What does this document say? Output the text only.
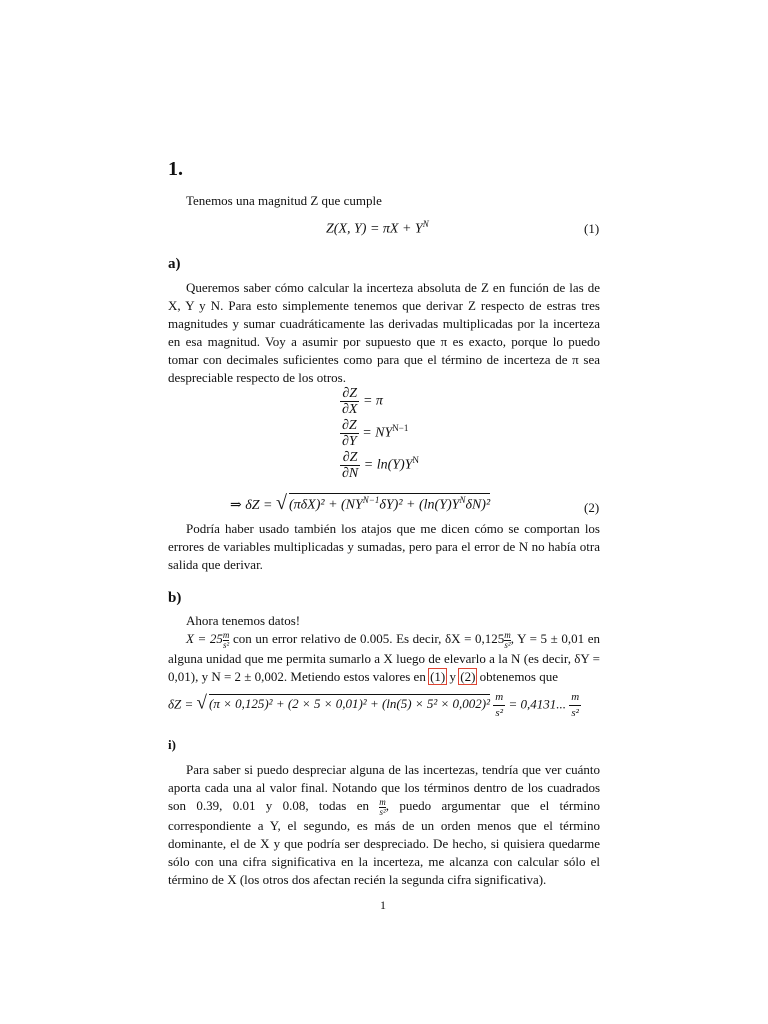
1.
Tenemos una magnitud Z que cumple
Z(X, $Y) = \pi X + Y^N$	(1)
a)
Queremos saber cómo calcular la incerteza absoluta de Z en función de las de X, Y y N. Para esto simplemente tenemos que derivar Z respecto de estras tres magnitudes y sumar cuadráticamente las derivadas multiplicadas por la incerteza en esa magnitud. Voy a asumir por supuesto que π es exacto, porque lo puedo tomar con decimales suficientes como para que el término de incerteza de π sea despreciable respecto de los otros.
$\frac{\partial Z}{\partial X} = \pi$
$\frac{\partial Z}{\partial Y} = NY^{N-1}$
$\frac{\partial Z}{\partial N} = \ln(Y)Y^N$
⇒ δZ = √ $(\pi\delta X)^2 + (NY^{N-1}\delta Y)^2 + (\ln(Y)Y^N\delta N)^2$	(2)
Podría haber usado también los atajos que me dicen cómo se comportan los errores de variables multiplicadas y sumadas, pero para el error de N no había otra salida que derivar.
b)
Ahora tenemos datos!
$X = 25 \frac{m}{\text{s²}}$ con un error relativo de 0.005. Es decir, $\delta X = 0,125 \frac{m}{\text{s²}}$ , Y = 5 ± 0,01 en alguna unidad que me permita sumarlo a X luego de elevarlo a la N (es decir, δY = 0,01), y N = 2 ± 0,002. Metiendo estos valores en (1) y (2) obtenemos que
δZ = √ $(\pi \times 0,125)^2 + (2 \times 5 \times 0,01)^2 + (\ln(5) \times 5^2 \times 0,002)^2 \frac{m}{\text{s²}} = 0,4131$... $\frac{m}{\text{s²}}$
i)
Para saber si puedo despreciar alguna de las incertezas, tendría que ver cuánto aporta cada una al valor final. Notando que los términos dentro de los cuadrados son 0.39, 0.01 y 0.08, todas en $\frac{m}{\text{s²}}$ , puedo argumentar que el término correspondiente a Y, el segundo, es más de un orden menos que el término dominante, el de X y que podría ser despreciado. De hecho, si quisiera quedarme sólo con una cifra significativa en la incerteza, me alcanza con calcular sólo el término de X (los otros dos afectan recién la segunda cifra significativa).
1
